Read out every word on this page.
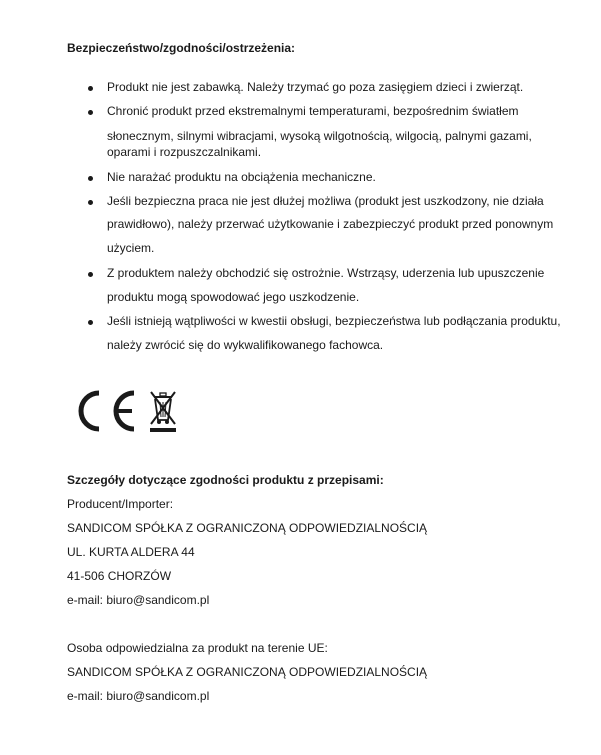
Bezpieczeństwo/zgodności/ostrzeżenia:
Produkt nie jest zabawką. Należy trzymać go poza zasięgiem dzieci i zwierząt.
Chronić produkt przed ekstremalnymi temperaturami, bezpośrednim światłem
słonecznym, silnymi wibracjami, wysoką wilgotnością, wilgocią, palnymi gazami,
oparami i rozpuszczalnikami.
Nie narażać produktu na obciążenia mechaniczne.
Jeśli bezpieczna praca nie jest dłużej możliwa (produkt jest uszkodzony, nie działa
prawidłowo), należy przerwać użytkowanie i zabezpieczyć produkt przed ponownym
użyciem.
Z produktem należy obchodzić się ostrożnie. Wstrząsy, uderzenia lub upuszczenie
produktu mogą spowodować jego uszkodzenie.
Jeśli istnieją wątpliwości w kwestii obsługi, bezpieczeństwa lub podłączania produktu,
należy zwrócić się do wykwalifikowanego fachowca.
Szczegóły dotyczące zgodności produktu z przepisami:
Producent/Importer:
SANDICOM SPÓŁKA Z OGRANICZONĄ ODPOWIEDZIALNOŚCIĄ
UL. KURTA ALDERA 44
41-506 CHORZÓW
e-mail: biuro@sandicom.pl
Osoba odpowiedzialna za produkt na terenie UE:
SANDICOM SPÓŁKA Z OGRANICZONĄ ODPOWIEDZIALNOŚCIĄ
e-mail: biuro@sandicom.pl
